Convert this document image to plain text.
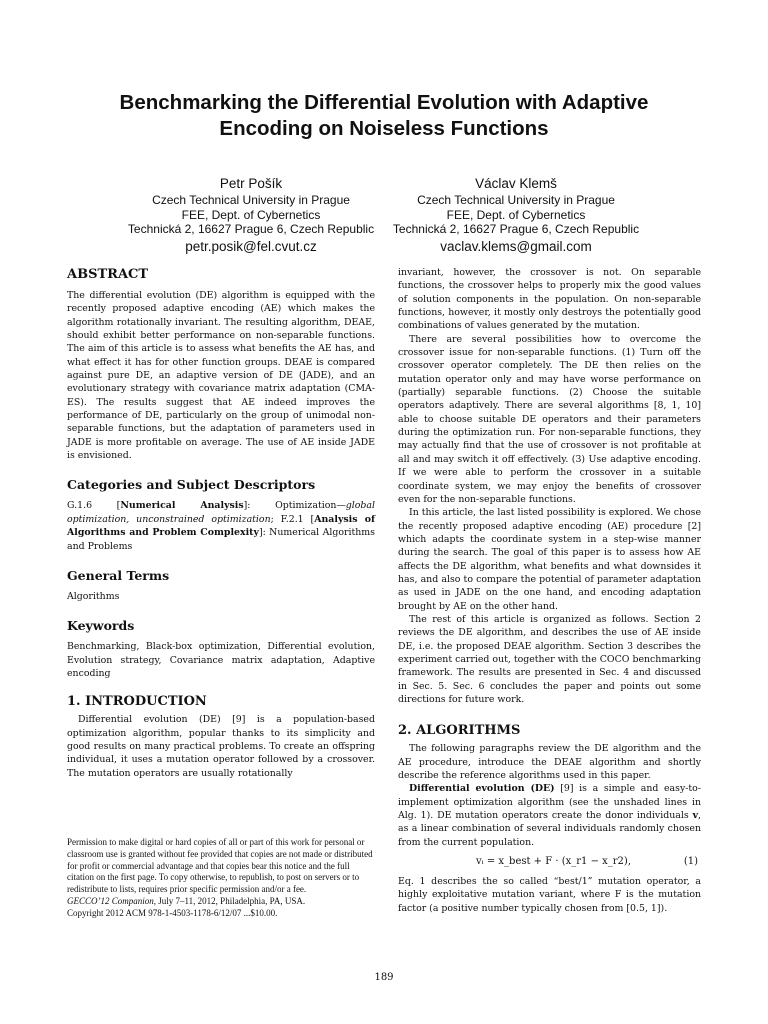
Benchmarking the Differential Evolution with Adaptive
Encoding on Noiseless Functions
Petr Pošík
Czech Technical University in Prague
FEE, Dept. of Cybernetics
Technická 2, 16627 Prague 6, Czech Republic
petr.posik@fel.cvut.cz
Václav Klemš
Czech Technical University in Prague
FEE, Dept. of Cybernetics
Technická 2, 16627 Prague 6, Czech Republic
vaclav.klems@gmail.com
ABSTRACT

The differential evolution (DE) algorithm is equipped with the recently proposed adaptive encoding (AE) which makes the algorithm rotationally invariant. The resulting algorithm, DEAE, should exhibit better performance on non-separable functions. The aim of this article is to assess what benefits the AE has, and what effect it has for other function groups. DEAE is compared against pure DE, an adaptive version of DE (JADE), and an evolutionary strategy with covariance matrix adaptation (CMA-ES). The results suggest that AE indeed improves the performance of DE, particularly on the group of unimodal non-separable functions, but the adaptation of parameters used in JADE is more profitable on average. The use of AE inside JADE is envisioned.

Categories and Subject Descriptors

G.1.6 [Numerical Analysis]: Optimization—global optimization, unconstrained optimization; F.2.1 [Analysis of Algorithms and Problem Complexity]: Numerical Algorithms and Problems

General Terms

Algorithms

Keywords

Benchmarking, Black-box optimization, Differential evolution, Evolution strategy, Covariance matrix adaptation, Adaptive encoding

1. INTRODUCTION

Differential evolution (DE) [9] is a population-based optimization algorithm, popular thanks to its simplicity and good results on many practical problems. To create an offspring individual, it uses a mutation operator followed by a crossover. The mutation operators are usually rotationally

Permission to make digital or hard copies of all or part of this work for personal or classroom use is granted without fee provided that copies are not made or distributed for profit or commercial advantage and that copies bear this notice and the full citation on the first page. To copy otherwise, to republish, to post on servers or to redistribute to lists, requires prior specific permission and/or a fee.

GECCO’12 Companion, July 7–11, 2012, Philadelphia, PA, USA.

Copyright 2012 ACM 978-1-4503-1178-6/12/07 ...$10.00.

invariant, however, the crossover is not. On separable functions, the crossover helps to properly mix the good values of solution components in the population. On non-separable functions, however, it mostly only destroys the potentially good combinations of values generated by the mutation.

There are several possibilities how to overcome the crossover issue for non-separable functions. (1) Turn off the crossover operator completely. The DE then relies on the mutation operator only and may have worse performance on (partially) separable functions. (2) Choose the suitable operators adaptively. There are several algorithms [8, 1, 10] able to choose suitable DE operators and their parameters during the optimization run. For non-separable functions, they may actually find that the use of crossover is not profitable at all and may switch it off effectively. (3) Use adaptive encoding. If we were able to perform the crossover in a suitable coordinate system, we may enjoy the benefits of crossover even for the non-separable functions.

In this article, the last listed possibility is explored. We chose the recently proposed adaptive encoding (AE) procedure [2] which adapts the coordinate system in a step-wise manner during the search. The goal of this paper is to assess how AE affects the DE algorithm, what benefits and what downsides it has, and also to compare the potential of parameter adaptation as used in JADE on the one hand, and encoding adaptation brought by AE on the other hand.

The rest of this article is organized as follows. Section 2 reviews the DE algorithm, and describes the use of AE inside DE, i.e. the proposed DEAE algorithm. Section 3 describes the experiment carried out, together with the COCO benchmarking framework. The results are presented in Sec. 4 and discussed in Sec. 5. Sec. 6 concludes the paper and points out some directions for future work.

2. ALGORITHMS

The following paragraphs review the DE algorithm and the AE procedure, introduce the DEAE algorithm and shortly describe the reference algorithms used in this paper.

Differential evolution (DE) [9] is a simple and easy-to-implement optimization algorithm (see the unshaded lines in Alg. 1). DE mutation operators create the donor individuals v, as a linear combination of several individuals randomly chosen from the current population.

vᵢ = x_best + F · (x_r1 − x_r2),	(1)

Eq. 1 describes the so called “best/1” mutation operator, a highly exploitative mutation variant, where F is the mutation factor (a positive number typically chosen from [0.5, 1]).

189
